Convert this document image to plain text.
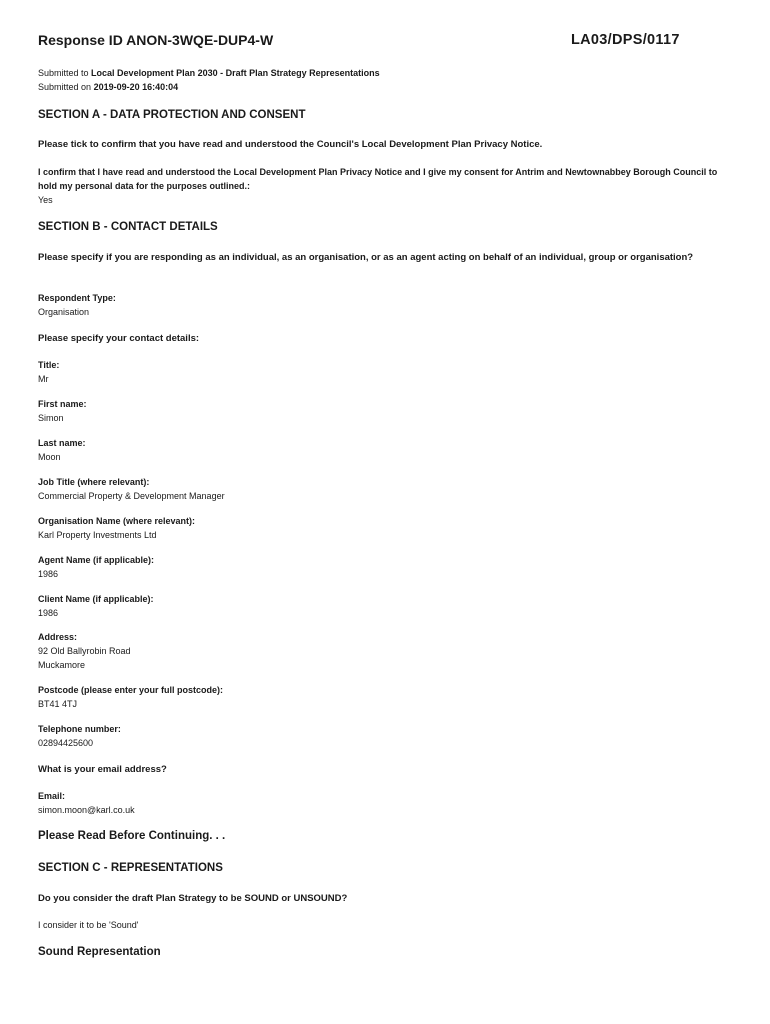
Response ID ANON-3WQE-DUP4-W	LA03/DPS/0117
Submitted to Local Development Plan 2030 - Draft Plan Strategy Representations
Submitted on 2019-09-20 16:40:04
SECTION A - DATA PROTECTION AND CONSENT
Please tick to confirm that you have read and understood the Council's Local Development Plan Privacy Notice.
I confirm that I have read and understood the Local Development Plan Privacy Notice and I give my consent for Antrim and Newtownabbey Borough Council to hold my personal data for the purposes outlined.:
Yes
SECTION B - CONTACT DETAILS
Please specify if you are responding as an individual, as an organisation, or as an agent acting on behalf of an individual, group or organisation?
Respondent Type:
Organisation
Please specify your contact details:
Title:
Mr
First name:
Simon
Last name:
Moon
Job Title (where relevant):
Commercial Property & Development Manager
Organisation Name (where relevant):
Karl Property Investments Ltd
Agent Name (if applicable):
1986
Client Name (if applicable):
1986
Address:
92 Old Ballyrobin Road
Muckamore
Postcode (please enter your full postcode):
BT41 4TJ
Telephone number:
02894425600
What is your email address?
Email:
simon.moon@karl.co.uk
Please Read Before Continuing. . .
SECTION C - REPRESENTATIONS
Do you consider the draft Plan Strategy to be SOUND or UNSOUND?
I consider it to be 'Sound'
Sound Representation
